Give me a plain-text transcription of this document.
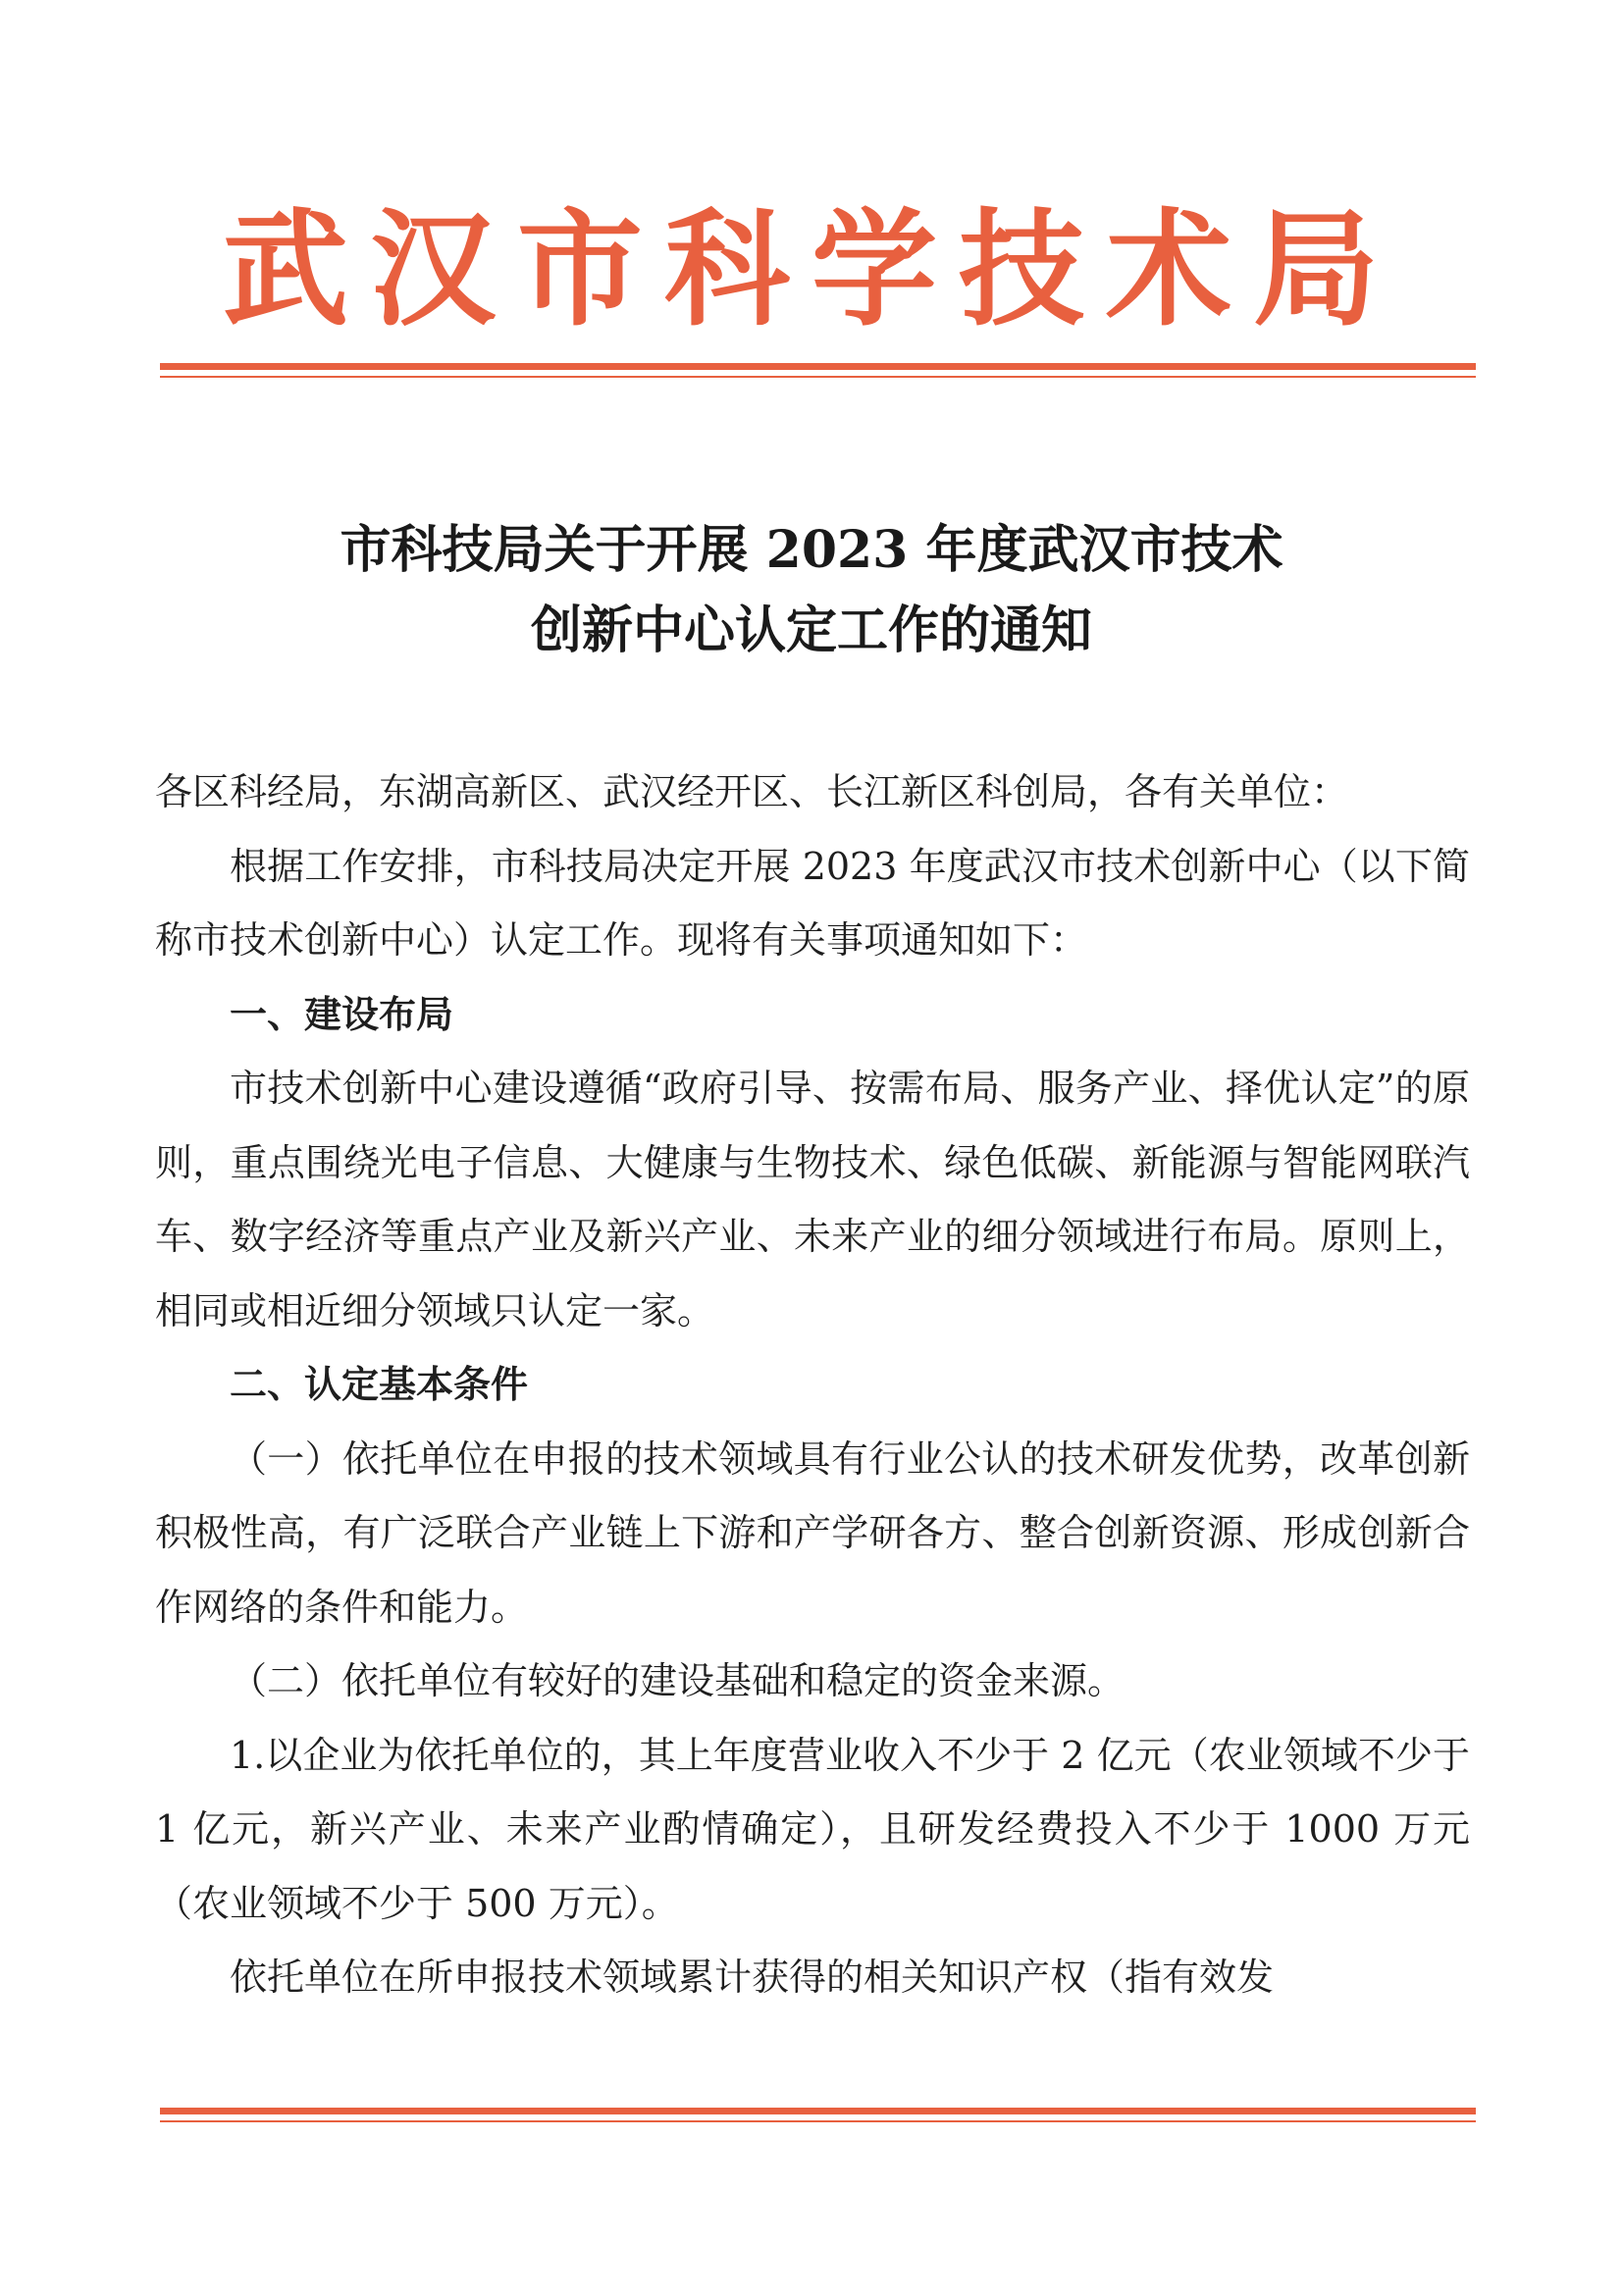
武汉市科学技术局
市科技局关于开展 2023 年度武汉市技术
创新中心认定工作的通知

各区科经局，东湖高新区、武汉经开区、长江新区科创局，各有关单位：

根据工作安排，市科技局决定开展 2023 年度武汉市技术创新中心（以下简称市技术创新中心）认定工作。现将有关事项通知如下：

一、建设布局

市技术创新中心建设遵循“政府引导、按需布局、服务产业、择优认定”的原则，重点围绕光电子信息、大健康与生物技术、绿色低碳、新能源与智能网联汽车、数字经济等重点产业及新兴产业、未来产业的细分领域进行布局。原则上，相同或相近细分领域只认定一家。

二、认定基本条件

（一）依托单位在申报的技术领域具有行业公认的技术研发优势，改革创新积极性高，有广泛联合产业链上下游和产学研各方、整合创新资源、形成创新合作网络的条件和能力。

（二）依托单位有较好的建设基础和稳定的资金来源。

1.以企业为依托单位的，其上年度营业收入不少于 2 亿元（农业领域不少于 1 亿元，新兴产业、未来产业酌情确定），且研发经费投入不少于 1000 万元（农业领域不少于 500 万元）。

依托单位在所申报技术领域累计获得的相关知识产权（指有效发
